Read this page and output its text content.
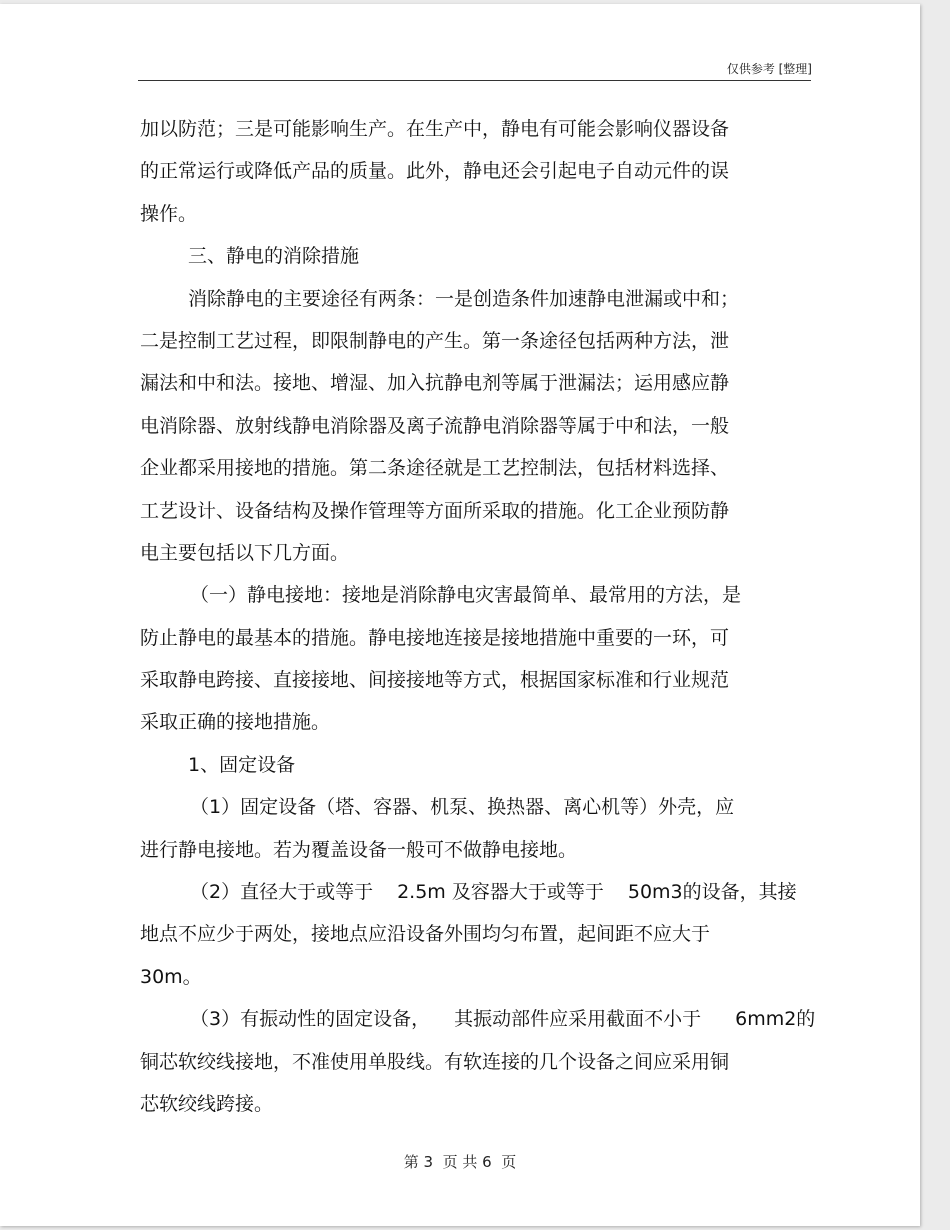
仅供参考 [整理]
加以防范；三是可能影响生产。在生产中，静电有可能会影响仪器设备
的正常运行或降低产品的质量。此外，静电还会引起电子自动元件的误
操作。
三、静电的消除措施
消除静电的主要途径有两条：一是创造条件加速静电泄漏或中和；
二是控制工艺过程，即限制静电的产生。第一条途径包括两种方法，泄
漏法和中和法。接地、增湿、加入抗静电剂等属于泄漏法；运用感应静
电消除器、放射线静电消除器及离子流静电消除器等属于中和法，一般
企业都采用接地的措施。第二条途径就是工艺控制法，包括材料选择、
工艺设计、设备结构及操作管理等方面所采取的措施。化工企业预防静
电主要包括以下几方面。
（一）静电接地：接地是消除静电灾害最简单、最常用的方法，是
防止静电的最基本的措施。静电接地连接是接地措施中重要的一环，可
采取静电跨接、直接接地、间接接地等方式，根据国家标准和行业规范
采取正确的接地措施。
1、固定设备
（1）固定设备（塔、容器、机泵、换热器、离心机等）外壳，应
进行静电接地。若为覆盖设备一般可不做静电接地。
（2）直径大于或等于 2.5m 及容器大于或等于 50m3的设备，其接
地点不应少于两处，接地点应沿设备外围均匀布置，起间距不应大于
30m。
（3）有振动性的固定设备， 其振动部件应采用截面不小于 6mm2的
铜芯软绞线接地，不准使用单股线。有软连接的几个设备之间应采用铜
芯软绞线跨接。
第 3  页 共 6  页
